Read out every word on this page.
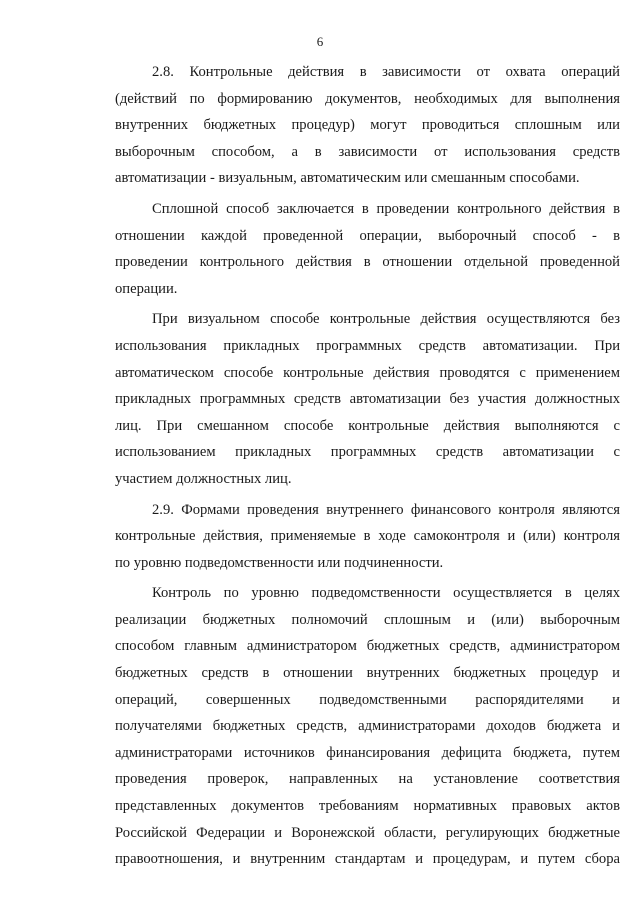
6

2.8. Контрольные действия в зависимости от охвата операций
(действий по формированию документов, необходимых для выполнения
внутренних бюджетных процедур) могут проводиться сплошным или
выборочным способом, а в зависимости от использования средств
автоматизации - визуальным, автоматическим или смешанным способами.

Сплошной способ заключается в проведении контрольного действия в
отношении каждой проведенной операции, выборочный способ - в
проведении контрольного действия в отношении отдельной проведенной
операции.

При визуальном способе контрольные действия осуществляются без
использования прикладных программных средств автоматизации. При
автоматическом способе контрольные действия проводятся с применением
прикладных программных средств автоматизации без участия должностных
лиц. При смешанном способе контрольные действия выполняются с
использованием прикладных программных средств автоматизации с
участием должностных лиц.

2.9. Формами проведения внутреннего финансового контроля являются
контрольные действия, применяемые в ходе самоконтроля и (или) контроля
по уровню подведомственности или подчиненности.

Контроль по уровню подведомственности осуществляется в целях
реализации бюджетных полномочий сплошным и (или) выборочным
способом главным администратором бюджетных средств, администратором
бюджетных средств в отношении внутренних бюджетных процедур и
операций, совершенных подведомственными распорядителями и
получателями бюджетных средств, администраторами доходов бюджета и
администраторами источников финансирования дефицита бюджета, путем
проведения проверок, направленных на установление соответствия
представленных документов требованиям нормативных правовых актов
Российской Федерации и Воронежской области, регулирующих бюджетные
правоотношения, и внутренним стандартам и процедурам, и путем сбора
